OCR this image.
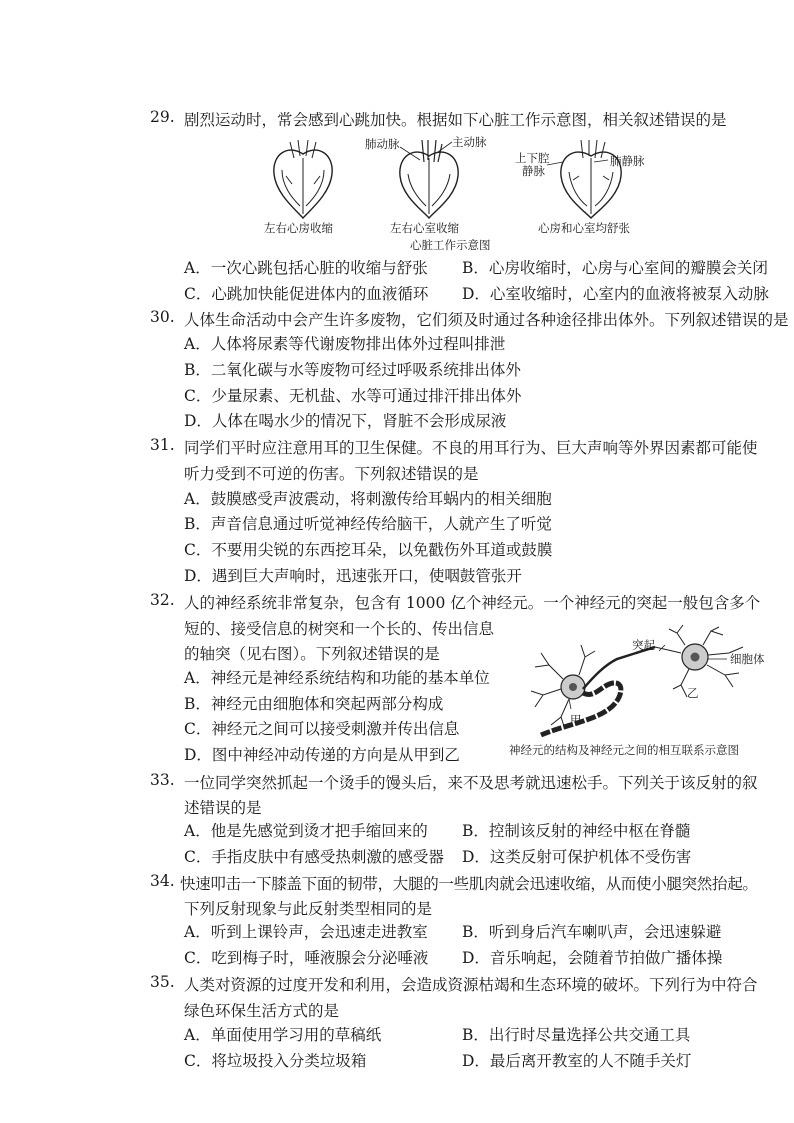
29. 剧烈运动时，常会感到心跳加快。根据如下心脏工作示意图，相关叙述错误的是
肺动脉	主动脉
上下腔
静脉
肺静脉
左右心房收缩	左右心室收缩	心房和心室均舒张
心脏工作示意图
A．一次心跳包括心脏的收缩与舒张 B．心房收缩时，心房与心室间的瓣膜会关闭
C．心跳加快能促进体内的血液循环 D．心室收缩时，心室内的血液将被泵入动脉
30. 人体生命活动中会产生许多废物，它们须及时通过各种途径排出体外。下列叙述错误的是
A．人体将尿素等代谢废物排出体外过程叫排泄
B．二氧化碳与水等废物可经过呼吸系统排出体外
C．少量尿素、无机盐、水等可通过排汗排出体外
D．人体在喝水少的情况下，肾脏不会形成尿液
31. 同学们平时应注意用耳的卫生保健。不良的用耳行为、巨大声响等外界因素都可能使
听力受到不可逆的伤害。下列叙述错误的是
A．鼓膜感受声波震动，将刺激传给耳蜗内的相关细胞
B．声音信息通过听觉神经传给脑干，人就产生了听觉
C．不要用尖锐的东西挖耳朵，以免戳伤外耳道或鼓膜
D．遇到巨大声响时，迅速张开口，使咽鼓管张开
32. 人的神经系统非常复杂，包含有 1000 亿个神经元。一个神经元的突起一般包含多个
短的、接受信息的树突和一个长的、传出信息
的轴突（见右图）。下列叙述错误的是
A．神经元是神经系统结构和功能的基本单位
B．神经元由细胞体和突起两部分构成
C．神经元之间可以接受刺激并传出信息
D．图中神经冲动传递的方向是从甲到乙
突起
细胞体
甲
乙
神经元的结构及神经元之间的相互联系示意图
33. 一位同学突然抓起一个烫手的馒头后，来不及思考就迅速松手。下列关于该反射的叙
述错误的是
A．他是先感觉到烫才把手缩回来的 B．控制该反射的神经中枢在脊髓
C．手指皮肤中有感受热刺激的感受器 D．这类反射可保护机体不受伤害
34. 快速叩击一下膝盖下面的韧带，大腿的一些肌肉就会迅速收缩，从而使小腿突然抬起。
下列反射现象与此反射类型相同的是
A．听到上课铃声，会迅速走进教室 B．听到身后汽车喇叭声，会迅速躲避
C．吃到梅子时，唾液腺会分泌唾液 D．音乐响起，会随着节拍做广播体操
35. 人类对资源的过度开发和利用，会造成资源枯竭和生态环境的破坏。下列行为中符合
绿色环保生活方式的是
A．单面使用学习用的草稿纸	B．出行时尽量选择公共交通工具
C．将垃圾投入分类垃圾箱	D．最后离开教室的人不随手关灯
